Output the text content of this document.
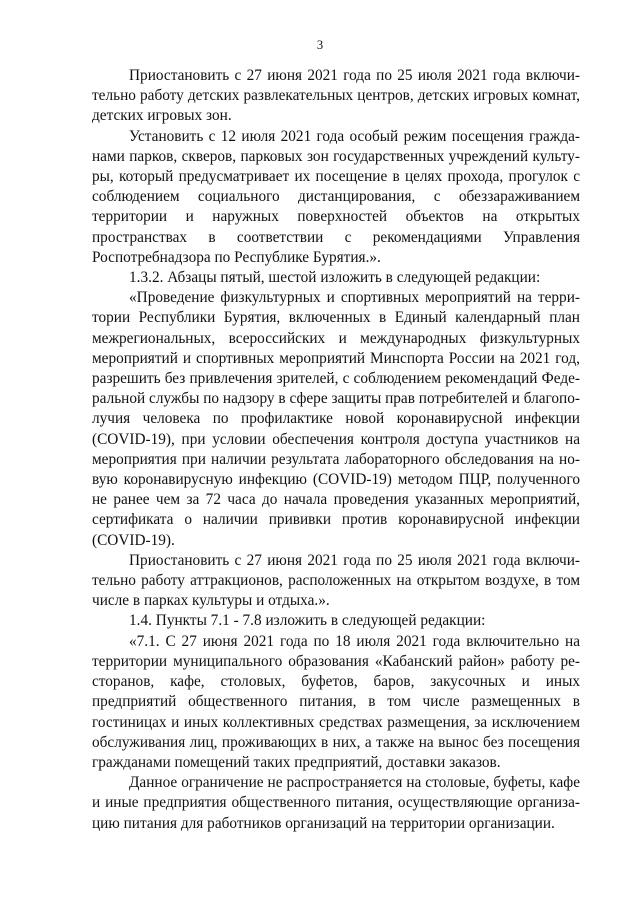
3

Приостановить с 27 июня 2021 года по 25 июля 2021 года включительно работу детских развлекательных центров, детских игровых комнат, детских игровых зон.

Установить с 12 июля 2021 года особый режим посещения гражданами парков, скверов, парковых зон государственных учреждений культуры, который предусматривает их посещение в целях прохода, прогулок с соблюдением социального дистанцирования, с обеззараживанием территории и наружных поверхностей объектов на открытых пространствах в соответствии с рекомендациями Управления Роспотребнадзора по Республике Бурятия.».

1.3.2. Абзацы пятый, шестой изложить в следующей редакции:

«Проведение физкультурных и спортивных мероприятий на территории Республики Бурятия, включенных в Единый календарный план межрегиональных, всероссийских и международных физкультурных мероприятий и спортивных мероприятий Минспорта России на 2021 год, разрешить без привлечения зрителей, с соблюдением рекомендаций Федеральной службы по надзору в сфере защиты прав потребителей и благополучия человека по профилактике новой коронавирусной инфекции (COVID-19), при условии обеспечения контроля доступа участников на мероприятия при наличии результата лабораторного обследования на новую коронавирусную инфекцию (COVID-19) методом ПЦР, полученного не ранее чем за 72 часа до начала проведения указанных мероприятий, сертификата о наличии прививки против коронавирусной инфекции (COVID-19).

Приостановить с 27 июня 2021 года по 25 июля 2021 года включительно работу аттракционов, расположенных на открытом воздухе, в том числе в парках культуры и отдыха.».

1.4. Пункты 7.1 - 7.8 изложить в следующей редакции:

«7.1. С 27 июня 2021 года по 18 июля 2021 года включительно на территории муниципального образования «Кабанский район» работу ресторанов, кафе, столовых, буфетов, баров, закусочных и иных предприятий общественного питания, в том числе размещенных в гостиницах и иных коллективных средствах размещения, за исключением обслуживания лиц, проживающих в них, а также на вынос без посещения гражданами помещений таких предприятий, доставки заказов.

Данное ограничение не распространяется на столовые, буфеты, кафе и иные предприятия общественного питания, осуществляющие организацию питания для работников организаций на территории организации.
